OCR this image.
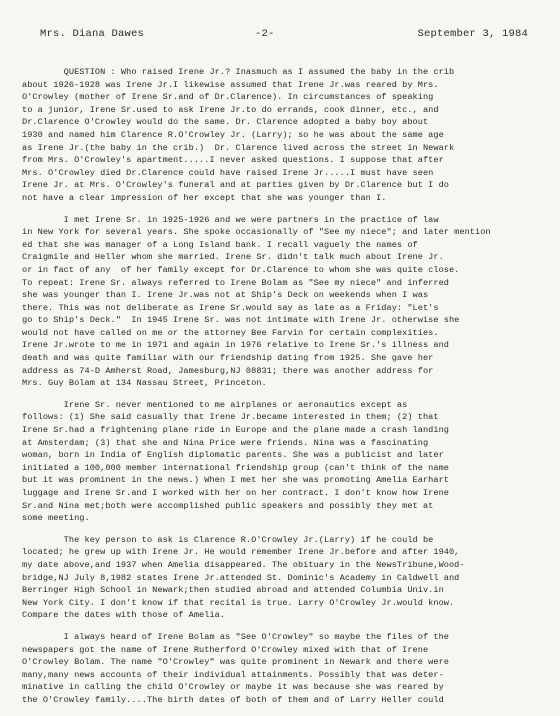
Mrs. Diana Dawes	-2-	September 3, 1984
QUESTION : Who raised Irene Jr.? Inasmuch as I assumed the baby in the crib
about 1926-1928 was Irene Jr.I likewise assumed that Irene Jr.was reared by Mrs.
O'Crowley (mother of Irene Sr.and of Dr.Clarence). In circumstances of speaking
to a junior, Irene Sr.used to ask Irene Jr.to do errands, cook dinner, etc., and
Dr.Clarence O'Crowley would do the same. Dr. Clarence adopted a baby boy about
1930 and named him Clarence R.O'Crowley Jr. (Larry); so he was about the same age
as Irene Jr.(the baby in the crib.)  Dr. Clarence lived across the street in Newark
from Mrs. O'Crowley's apartment.....I never asked questions. I suppose that after
Mrs. O'Crowley died Dr.Clarence could have raised Irene Jr.....I must have seen
Irene Jr. at Mrs. O'Crowley's funeral and at parties given by Dr.Clarence but I do
not have a clear impression of her except that she was younger than I.
I met Irene Sr. in 1925-1926 and we were partners in the practice of law
in New York for several years. She spoke occasionally of "See my niece"; and later mention
ed that she was manager of a Long Island bank. I recall vaguely the names of
Craigmile and Heller whom she married. Irene Sr. didn't talk much about Irene Jr.
or in fact of any  of her family except for Dr.Clarence to whom she was quite close.
To repeat: Irene Sr. always referred to Irene Bolam as "See my niece" and inferred
she was younger than I. Irene Jr.was not at Ship's Deck on weekends when I was
there. This was not deliberate as Irene Sr.would say as late as a Friday: "Let's
go to Ship's Deck."  In 1945 Irene Sr. was not intimate with Irene Jr. otherwise she
would not have called on me or the attorney Bee Farvin for certain complexities.
Irene Jr.wrote to me in 1971 and again in 1976 relative to Irene Sr.'s illness and
death and was quite familiar with our friendship dating from 1925. She gave her
address as 74-D Amherst Road, Jamesburg,NJ 08831; there was another address for
Mrs. Guy Bolam at 134 Nassau Street, Princeton.
Irene Sr. never mentioned to me airplanes or aeronautics except as
follows: (1) She said casually that Irene Jr.became interested in them; (2) that
Irene Sr.had a frightening plane ride in Europe and the plane made a crash landing
at Amsterdam; (3) that she and Nina Price were friends. Nina was a fascinating
woman, born in India of English diplomatic parents. She was a publicist and later
initiated a 100,000 member international friendship group (can't think of the name
but it was prominent in the news.) When I met her she was promoting Amelia Earhart
luggage and Irene Sr.and I worked with her on her contract. I don't know how Irene
Sr.and Nina met;both were accomplished public speakers and possibly they met at
some meeting.
The key person to ask is Clarence R.O'Crowley Jr.(Larry) if he could be
located; he grew up with Irene Jr. He would remember Irene Jr.before and after 1940,
my date above,and 1937 when Amelia disappeared. The obituary in the NewsTribune,Wood-
bridge,NJ July 8,1982 states Irene Jr.attended St. Dominic's Academy in Caldwell and
Berringer High School in Newark;then studied abroad and attended Columbia Univ.in
New York City. I don't know if that recital is true. Larry O'Crowley Jr.would know.
Compare the dates with those of Amelia.
I always heard of Irene Bolam as "See O'Crowley" so maybe the files of the
newspapers got the name of Irene Rutherford O'Crowley mixed with that of Irene
O'Crowley Bolam. The name "O'Crowley" was quite prominent in Newark and there were
many,many news accounts of their individual attainments. Possibly that was deter-
minative in calling the child O'Crowley or maybe it was because she was reared by
the O'Crowley family....The birth dates of both of them and of Larry Heller could
